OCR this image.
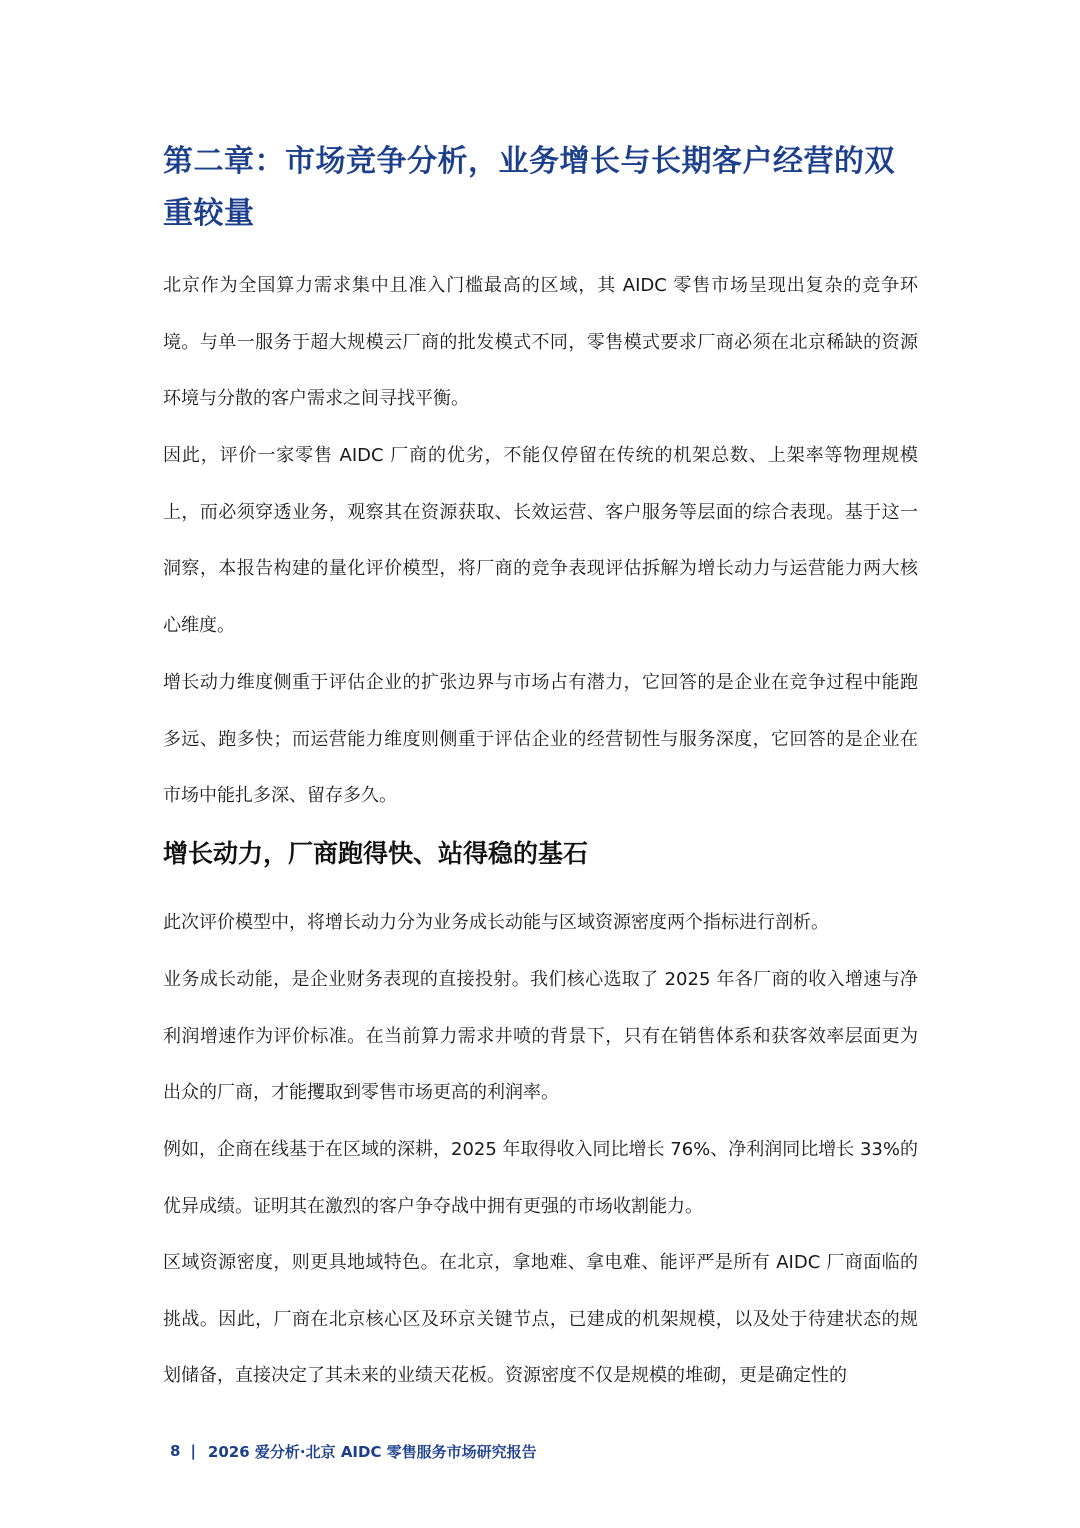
第二章：市场竞争分析，业务增长与长期客户经营的双重较量

北京作为全国算力需求集中且准入门槛最高的区域，其 AIDC 零售市场呈现出复杂的竞争环境。与单一服务于超大规模云厂商的批发模式不同，零售模式要求厂商必须在北京稀缺的资源环境与分散的客户需求之间寻找平衡。

因此，评价一家零售 AIDC 厂商的优劣，不能仅停留在传统的机架总数、上架率等物理规模上，而必须穿透业务，观察其在资源获取、长效运营、客户服务等层面的综合表现。基于这一洞察，本报告构建的量化评价模型，将厂商的竞争表现评估拆解为增长动力与运营能力两大核心维度。

增长动力维度侧重于评估企业的扩张边界与市场占有潜力，它回答的是企业在竞争过程中能跑多远、跑多快；而运营能力维度则侧重于评估企业的经营韧性与服务深度，它回答的是企业在市场中能扎多深、留存多久。

增长动力，厂商跑得快、站得稳的基石

此次评价模型中，将增长动力分为业务成长动能与区域资源密度两个指标进行剖析。

业务成长动能，是企业财务表现的直接投射。我们核心选取了 2025 年各厂商的收入增速与净利润增速作为评价标准。在当前算力需求井喷的背景下，只有在销售体系和获客效率层面更为出众的厂商，才能攫取到零售市场更高的利润率。

例如，企商在线基于在区域的深耕，2025 年取得收入同比增长 76%、净利润同比增长 33%的优异成绩。证明其在激烈的客户争夺战中拥有更强的市场收割能力。

区域资源密度，则更具地域特色。在北京，拿地难、拿电难、能评严是所有 AIDC 厂商面临的挑战。因此，厂商在北京核心区及环京关键节点，已建成的机架规模，以及处于待建状态的规划储备，直接决定了其未来的业绩天花板。资源密度不仅是规模的堆砌，更是确定性的

8 | 2026 爱分析·北京 AIDC 零售服务市场研究报告
